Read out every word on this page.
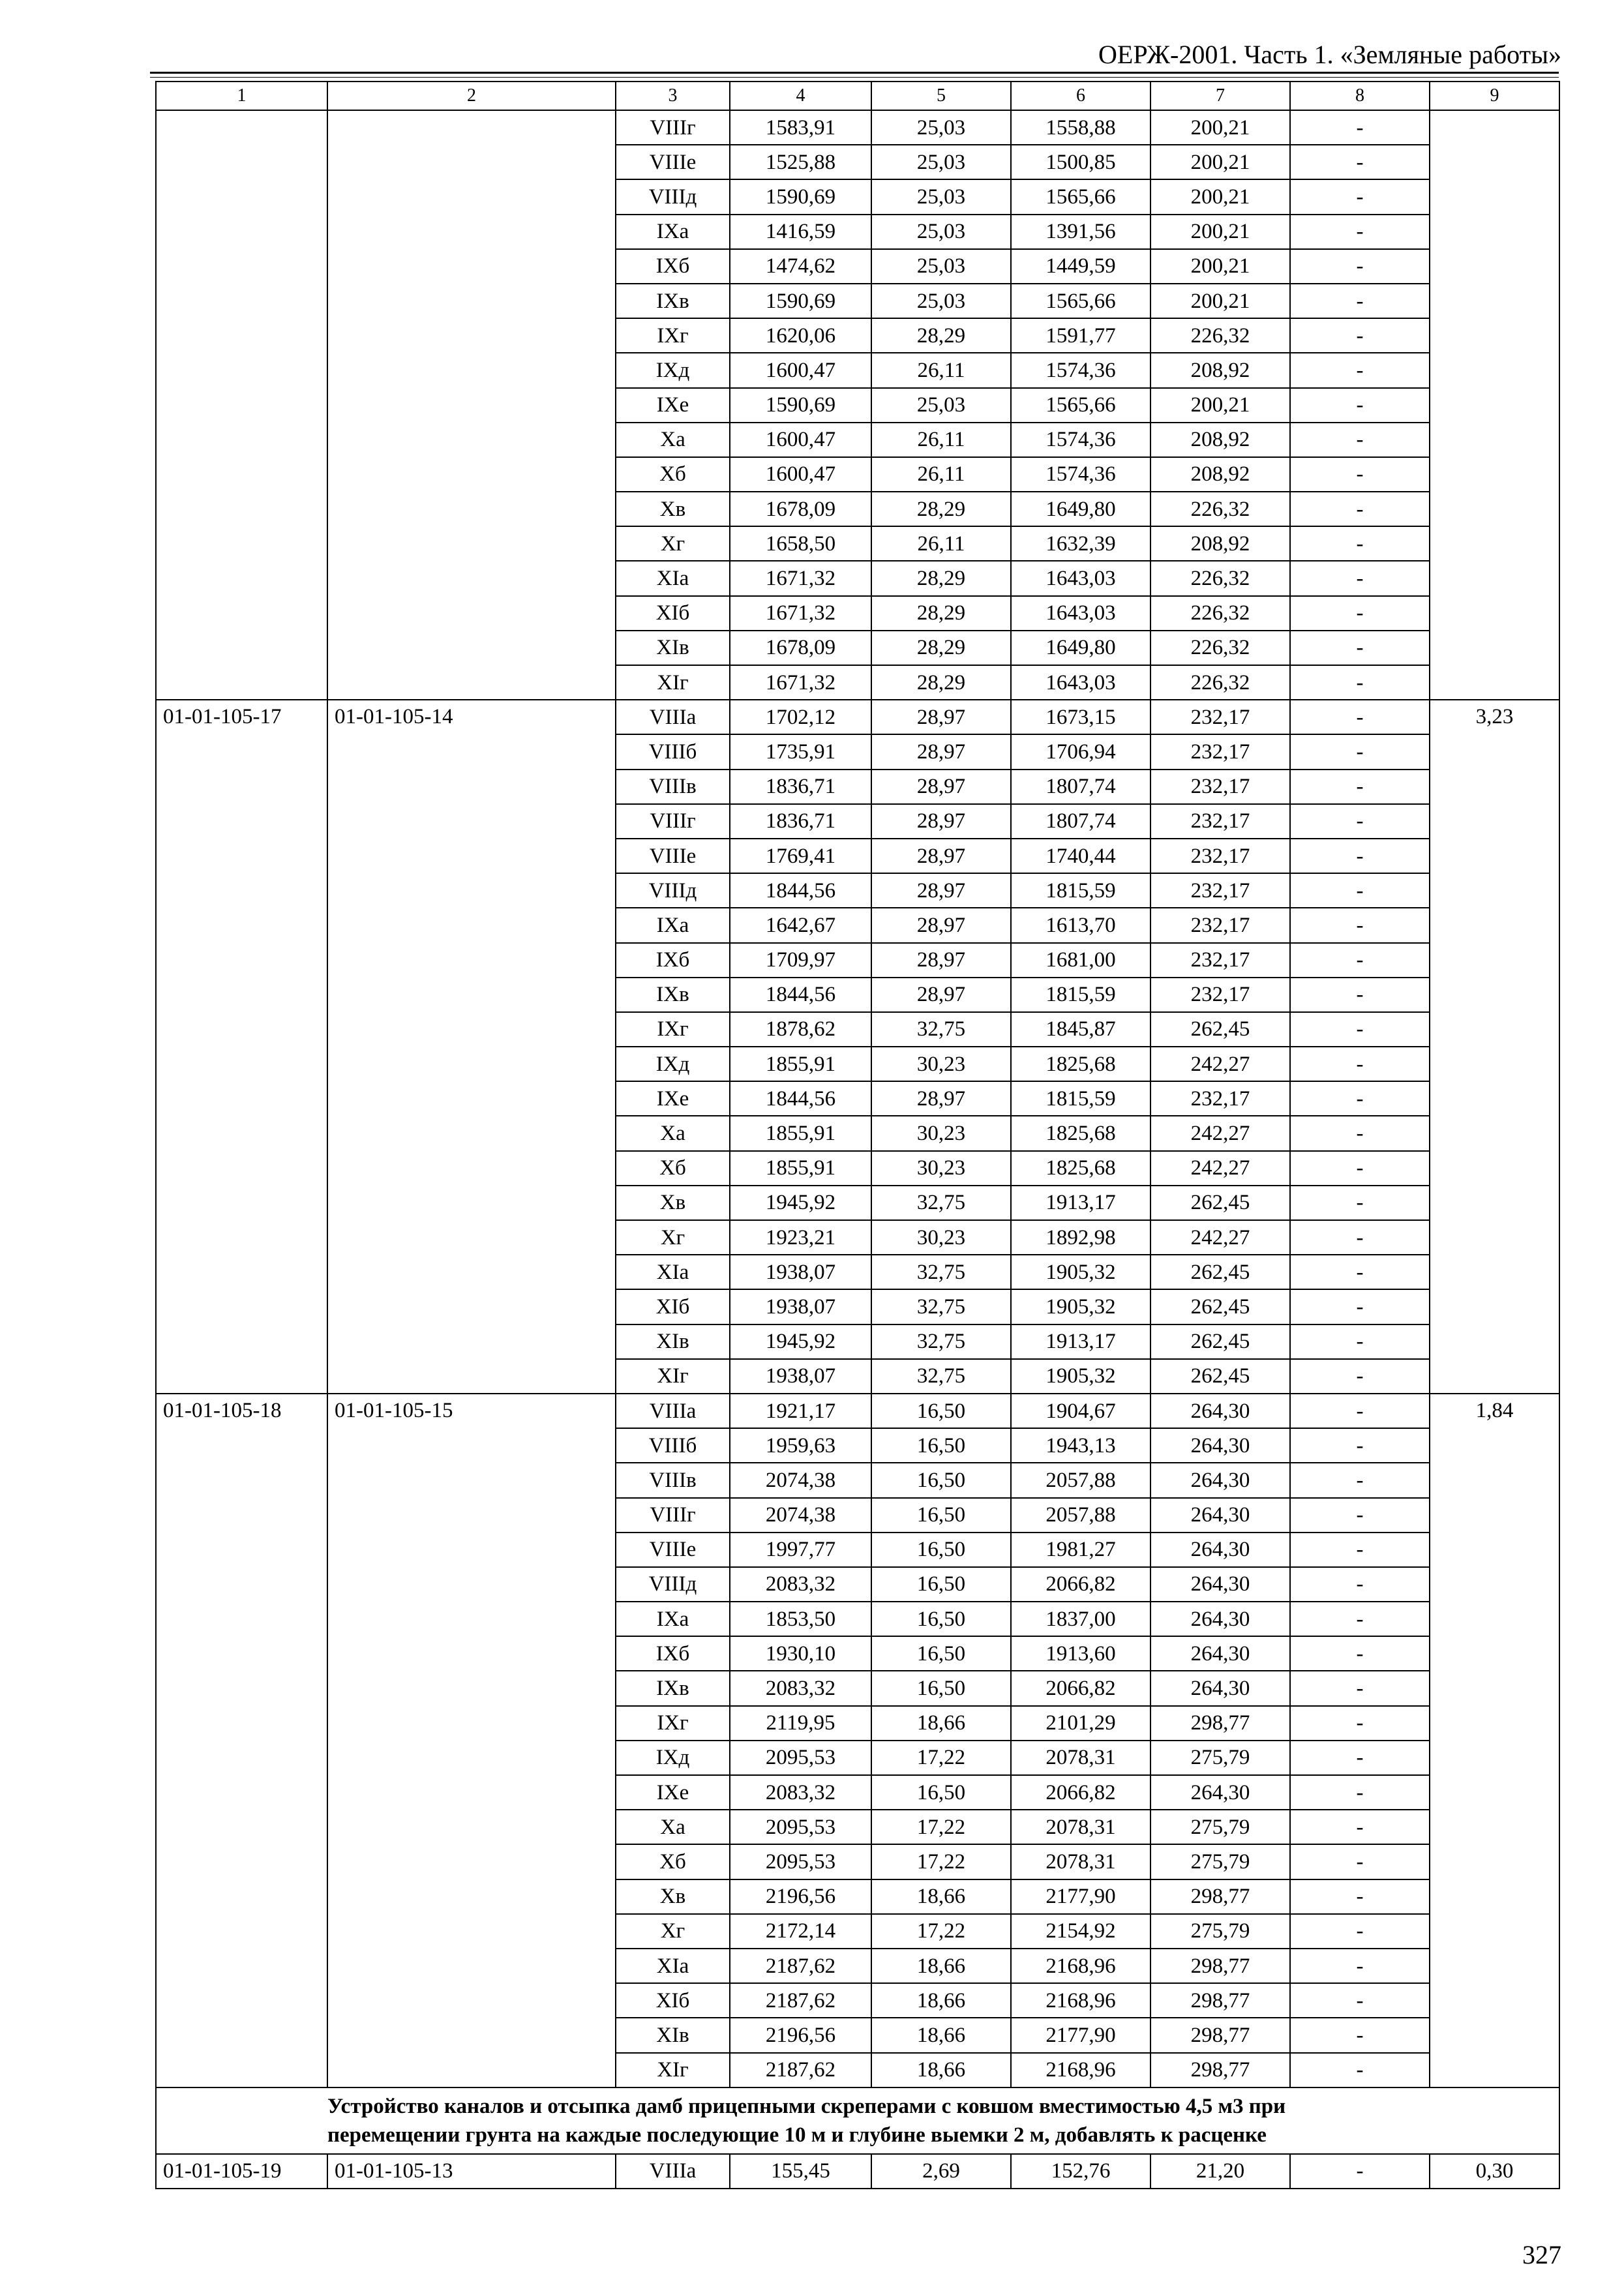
ОЕРЖ-2001. Часть 1. «Земляные работы»
1	2	3	4	5	6	7	8	9
		VIIIг	1583,91	25,03	1558,88	200,21	-	
		VIIIе	1525,88	25,03	1500,85	200,21	-	
		VIIIд	1590,69	25,03	1565,66	200,21	-	
		IXа	1416,59	25,03	1391,56	200,21	-	
		IXб	1474,62	25,03	1449,59	200,21	-	
		IXв	1590,69	25,03	1565,66	200,21	-	
		IXг	1620,06	28,29	1591,77	226,32	-	
		IXд	1600,47	26,11	1574,36	208,92	-	
		IXе	1590,69	25,03	1565,66	200,21	-	
		Xа	1600,47	26,11	1574,36	208,92	-	
		Xб	1600,47	26,11	1574,36	208,92	-	
		Xв	1678,09	28,29	1649,80	226,32	-	
		Xг	1658,50	26,11	1632,39	208,92	-	
		XIа	1671,32	28,29	1643,03	226,32	-	
		XIб	1671,32	28,29	1643,03	226,32	-	
		XIв	1678,09	28,29	1649,80	226,32	-	
		XIг	1671,32	28,29	1643,03	226,32	-	
01-01-105-17	01-01-105-14	VIIIа	1702,12	28,97	1673,15	232,17	-	3,23
		VIIIб	1735,91	28,97	1706,94	232,17	-	
		VIIIв	1836,71	28,97	1807,74	232,17	-	
		VIIIг	1836,71	28,97	1807,74	232,17	-	
		VIIIе	1769,41	28,97	1740,44	232,17	-	
		VIIIд	1844,56	28,97	1815,59	232,17	-	
		IXа	1642,67	28,97	1613,70	232,17	-	
		IXб	1709,97	28,97	1681,00	232,17	-	
		IXв	1844,56	28,97	1815,59	232,17	-	
		IXг	1878,62	32,75	1845,87	262,45	-	
		IXд	1855,91	30,23	1825,68	242,27	-	
		IXе	1844,56	28,97	1815,59	232,17	-	
		Xа	1855,91	30,23	1825,68	242,27	-	
		Xб	1855,91	30,23	1825,68	242,27	-	
		Xв	1945,92	32,75	1913,17	262,45	-	
		Xг	1923,21	30,23	1892,98	242,27	-	
		XIа	1938,07	32,75	1905,32	262,45	-	
		XIб	1938,07	32,75	1905,32	262,45	-	
		XIв	1945,92	32,75	1913,17	262,45	-	
		XIг	1938,07	32,75	1905,32	262,45	-	
01-01-105-18	01-01-105-15	VIIIа	1921,17	16,50	1904,67	264,30	-	1,84
		VIIIб	1959,63	16,50	1943,13	264,30	-	
		VIIIв	2074,38	16,50	2057,88	264,30	-	
		VIIIг	2074,38	16,50	2057,88	264,30	-	
		VIIIе	1997,77	16,50	1981,27	264,30	-	
		VIIIд	2083,32	16,50	2066,82	264,30	-	
		IXа	1853,50	16,50	1837,00	264,30	-	
		IXб	1930,10	16,50	1913,60	264,30	-	
		IXв	2083,32	16,50	2066,82	264,30	-	
		IXг	2119,95	18,66	2101,29	298,77	-	
		IXд	2095,53	17,22	2078,31	275,79	-	
		IXе	2083,32	16,50	2066,82	264,30	-	
		Xа	2095,53	17,22	2078,31	275,79	-	
		Xб	2095,53	17,22	2078,31	275,79	-	
		Xв	2196,56	18,66	2177,90	298,77	-	
		Xг	2172,14	17,22	2154,92	275,79	-	
		XIа	2187,62	18,66	2168,96	298,77	-	
		XIб	2187,62	18,66	2168,96	298,77	-	
		XIв	2196,56	18,66	2177,90	298,77	-	
		XIг	2187,62	18,66	2168,96	298,77	-	

Устройство каналов и отсыпка дамб прицепными скреперами с ковшом вместимостью 4,5 м3 при
перемещении грунта на каждые последующие 10 м и глубине выемки 2 м, добавлять к расценке								

01-01-105-19	01-01-105-13	VIIIа	155,45	2,69	152,76	21,20	-	0,30
327
